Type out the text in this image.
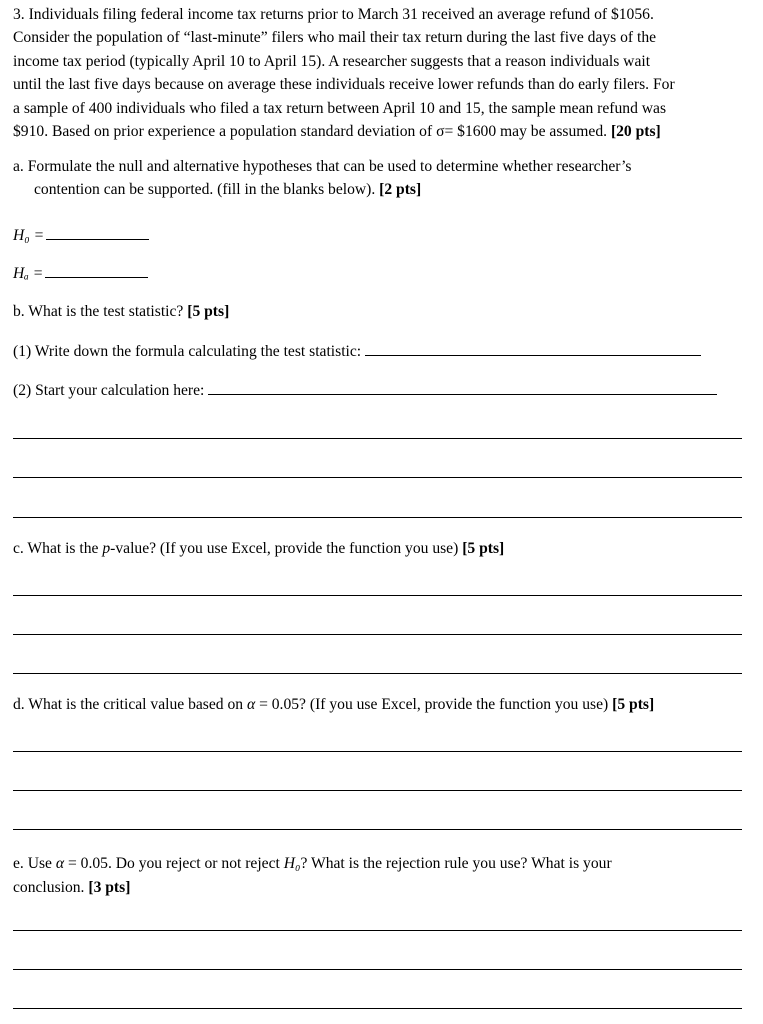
3. Individuals filing federal income tax returns prior to March 31 received an average refund of $1056.
Consider the population of “last-minute” filers who mail their tax return during the last five days of the
income tax period (typically April 10 to April 15). A researcher suggests that a reason individuals wait
until the last five days because on average these individuals receive lower refunds than do early filers. For
a sample of 400 individuals who filed a tax return between April 10 and 15, the sample mean refund was
$910. Based on prior experience a population standard deviation of σ= $1600 may be assumed. [20 pts]
a. Formulate the null and alternative hypotheses that can be used to determine whether researcher’s
contention can be supported. (fill in the blanks below). [2 pts]
H₀ =
Hₐ =
b. What is the test statistic? [5 pts]
(1) Write down the formula calculating the test statistic:
(2) Start your calculation here:
c. What is the p-value? (If you use Excel, provide the function you use) [5 pts]
d. What is the critical value based on α = 0.05? (If you use Excel, provide the function you use) [5 pts]
e. Use α = 0.05. Do you reject or not reject H₀? What is the rejection rule you use? What is your
conclusion. [3 pts]
